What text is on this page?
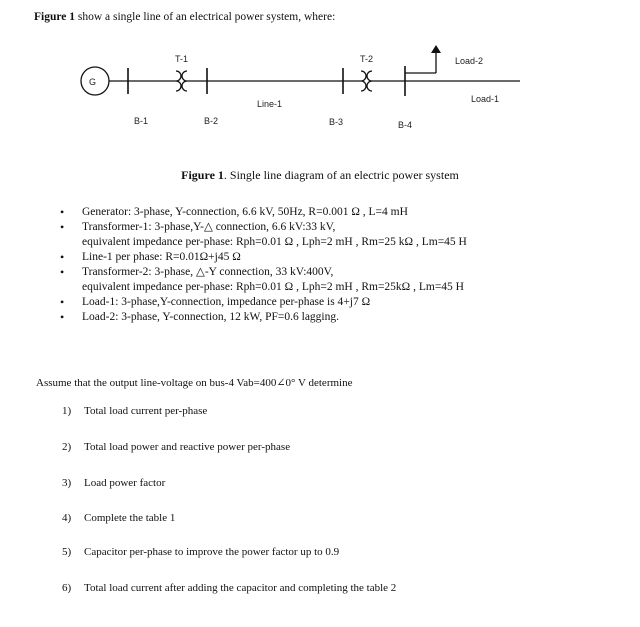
Figure 1 show a single line of an electrical power system, where:
G
T-1	T-2
Line-1
Load-2
Load-1
B-1	B-2	B-3	B-4
Figure 1. Single line diagram of an electric power system
• Generator: 3-phase, Y-connection, 6.6 kV, 50Hz, R=0.001 Ω , L=4 mH
• Transformer-1: 3-phase,Y-△ connection, 6.6 kV:33 kV,
equivalent impedance per-phase: Rph=0.01 Ω , Lph=2 mH , Rm=25 kΩ , Lm=45 H
• Line-1 per phase: R=0.01Ω+j45 Ω
• Transformer-2: 3-phase, △-Y connection, 33 kV:400V,
equivalent impedance per-phase: Rph=0.01 Ω , Lph=2 mH , Rm=25kΩ , Lm=45 H
• Load-1: 3-phase,Y-connection, impedance per-phase is 4+j7 Ω
• Load-2: 3-phase, Y-connection, 12 kW, PF=0.6 lagging.
Assume that the output line-voltage on bus-4 Vab=400∠0° V determine
1) Total load current per-phase
2) Total load power and reactive power per-phase
3) Load power factor
4) Complete the table 1
5) Capacitor per-phase to improve the power factor up to 0.9
6) Total load current after adding the capacitor and completing the table 2
